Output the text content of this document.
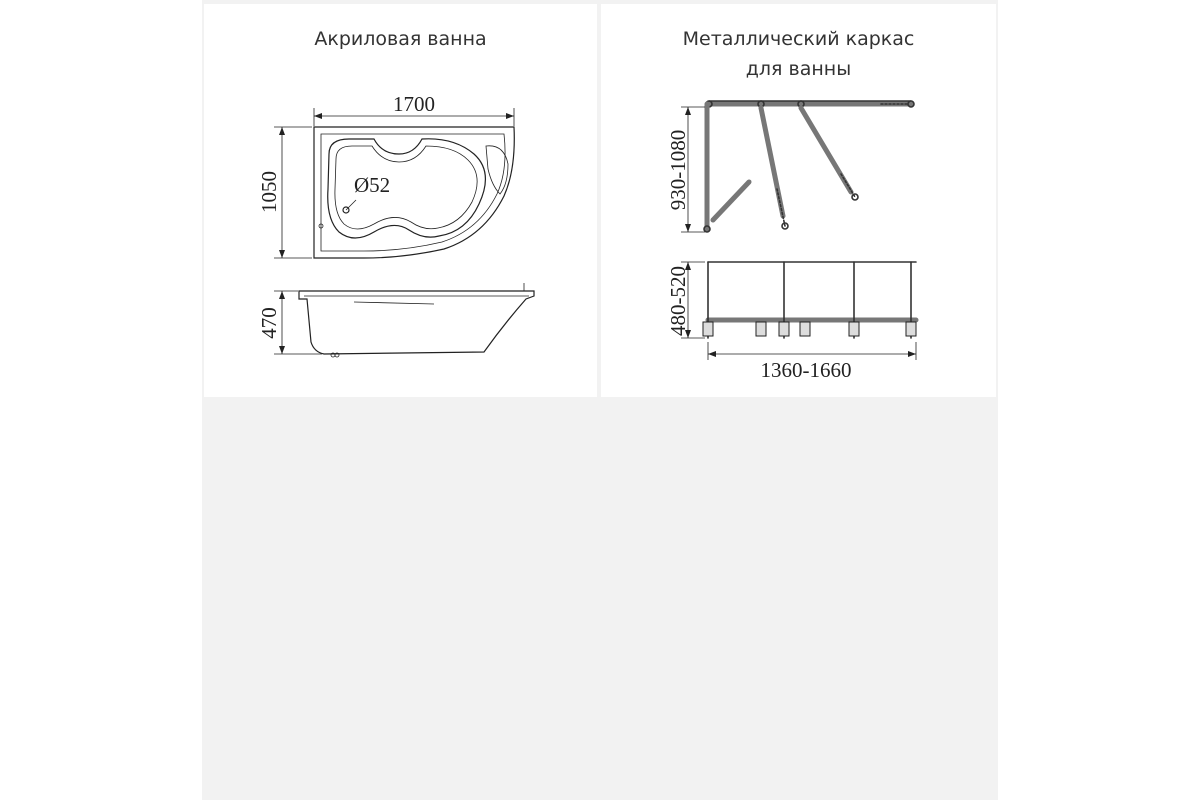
Акриловая ванна
1700
1050	Ø52
470
Металлический каркас
для ванны
930-1080
480-520
1360-1660
